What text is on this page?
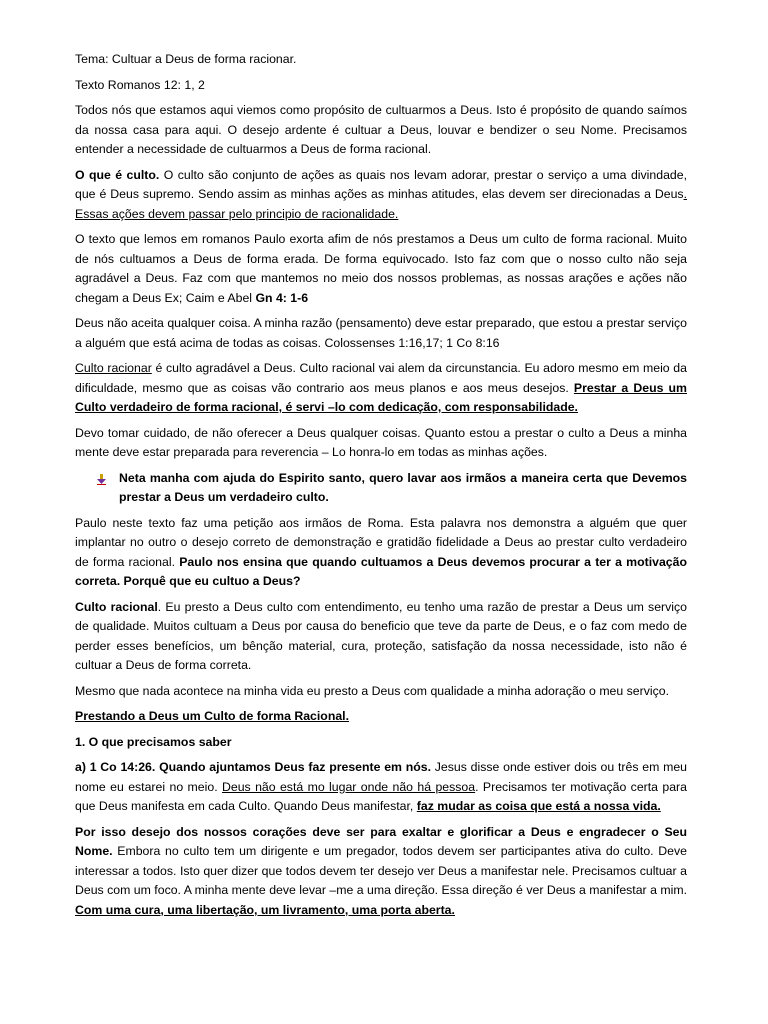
Tema: Cultuar a Deus de forma racionar.

Texto Romanos 12: 1, 2

Todos nós que estamos aqui viemos como propósito de cultuarmos a Deus. Isto é propósito de quando saímos da nossa casa para aqui. O desejo ardente é cultuar a Deus, louvar e bendizer o seu Nome. Precisamos entender a necessidade de cultuarmos a Deus de forma racional.

O que é culto. O culto são conjunto de ações as quais nos levam adorar, prestar o serviço a uma divindade, que é Deus supremo. Sendo assim as minhas ações as minhas atitudes, elas devem ser direcionadas a Deus. Essas ações devem passar pelo principio de racionalidade.

O texto que lemos em romanos Paulo exorta afim de nós prestamos a Deus um culto de forma racional. Muito de nós cultuamos a Deus de forma erada. De forma equivocado. Isto faz com que o nosso culto não seja agradável a Deus. Faz com que mantemos no meio dos nossos problemas, as nossas arações e ações não chegam a Deus Ex; Caim e Abel Gn 4: 1-6

Deus não aceita qualquer coisa. A minha razão (pensamento) deve estar preparado, que estou a prestar serviço a alguém que está acima de todas as coisas. Colossenses 1:16,17; 1 Co 8:16

Culto racionar é culto agradável a Deus. Culto racional vai alem da circunstancia. Eu adoro mesmo em meio da dificuldade, mesmo que as coisas vão contrario aos meus planos e aos meus desejos. Prestar a Deus um Culto verdadeiro de forma racional, é servi –lo com dedicação, com responsabilidade.

Devo tomar cuidado, de não oferecer a Deus qualquer coisas. Quanto estou a prestar o culto a Deus a minha mente deve estar preparada para reverencia – Lo honra-lo em todas as minhas ações.

Neta manha com ajuda do Espirito santo, quero lavar aos irmãos a maneira certa que Devemos prestar a Deus um verdadeiro culto.

Paulo neste texto faz uma petição aos irmãos de Roma. Esta palavra nos demonstra a alguém que quer implantar no outro o desejo correto de demonstração e gratidão fidelidade a Deus ao prestar culto verdadeiro de forma racional. Paulo nos ensina que quando cultuamos a Deus devemos procurar a ter a motivação correta. Porquê que eu cultuo a Deus?

Culto racional. Eu presto a Deus culto com entendimento, eu tenho uma razão de prestar a Deus um serviço de qualidade. Muitos cultuam a Deus por causa do beneficio que teve da parte de Deus, e o faz com medo de perder esses benefícios, um bênção material, cura, proteção, satisfação da nossa necessidade, isto não é cultuar a Deus de forma correta.

Mesmo que nada acontece na minha vida eu presto a Deus com qualidade a minha adoração o meu serviço.

Prestando a Deus um Culto de forma Racional.

1. O que precisamos saber

a) 1 Co 14:26. Quando ajuntamos Deus faz presente em nós. Jesus disse onde estiver dois ou três em meu nome eu estarei no meio. Deus não está mo lugar onde não há pessoa. Precisamos ter motivação certa para que Deus manifesta em cada Culto. Quando Deus manifestar, faz mudar as coisa que está a nossa vida.

Por isso desejo dos nossos corações deve ser para exaltar e glorificar a Deus e engradecer o Seu Nome. Embora no culto tem um dirigente e um pregador, todos devem ser participantes ativa do culto. Deve interessar a todos. Isto quer dizer que todos devem ter desejo ver Deus a manifestar nele. Precisamos cultuar a Deus com um foco. A minha mente deve levar –me a uma direção. Essa direção é ver Deus a manifestar a mim. Com uma cura, uma libertação, um livramento, uma porta aberta.
